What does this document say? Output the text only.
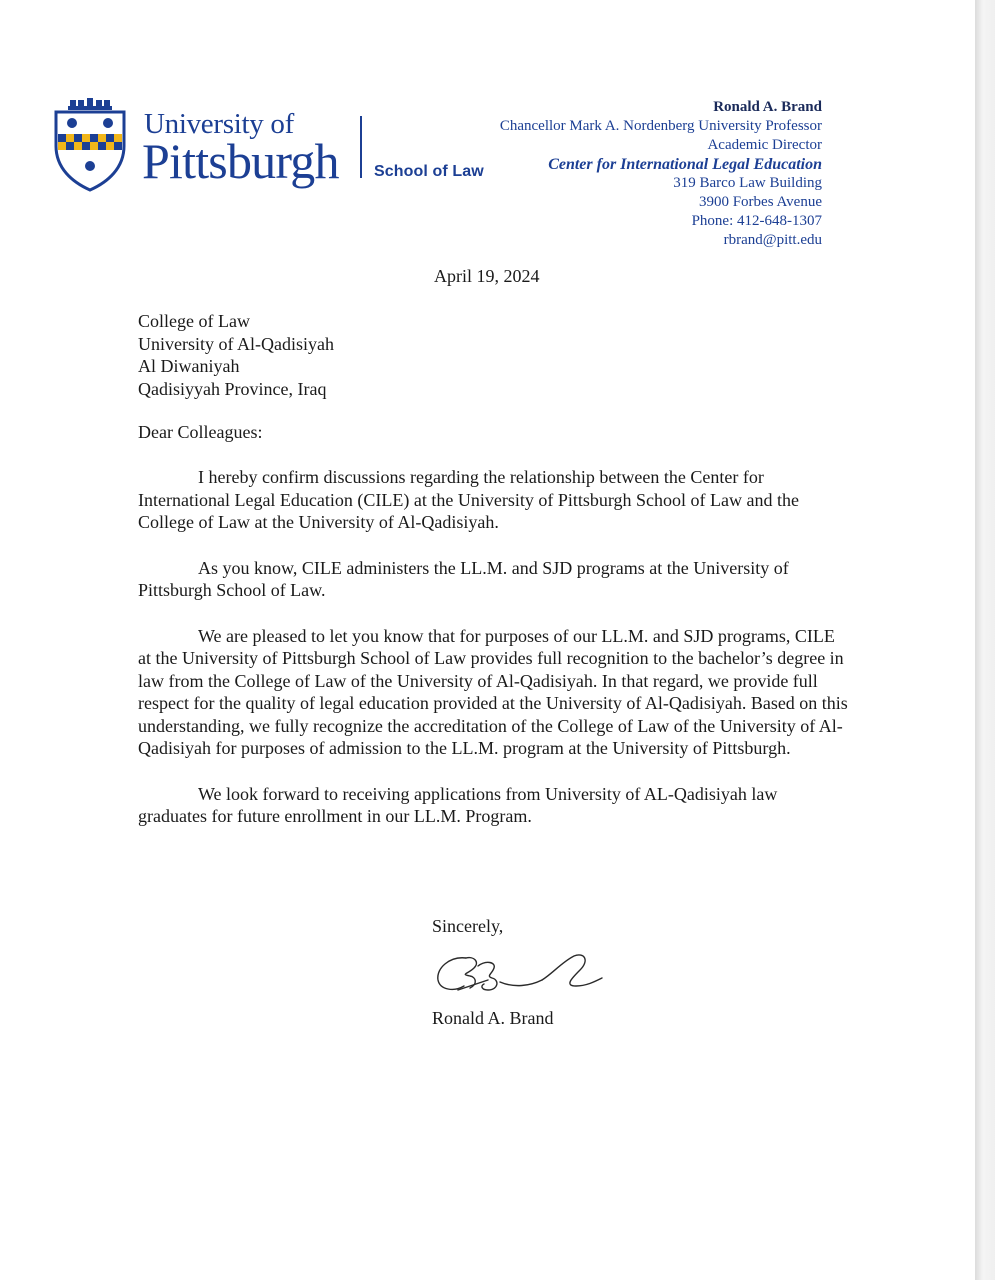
University of
Pittsburgh School of Law
Ronald A. Brand
Chancellor Mark A. Nordenberg University Professor
Academic Director
Center for International Legal Education
319 Barco Law Building
3900 Forbes Avenue
Phone: 412-648-1307
rbrand@pitt.edu
April 19, 2024
College of Law
University of Al-Qadisiyah
Al Diwaniyah
Qadisiyyah Province, Iraq
Dear Colleagues:

I hereby confirm discussions regarding the relationship between the Center for International Legal Education (CILE) at the University of Pittsburgh School of Law and the College of Law at the University of Al-Qadisiyah.

As you know, CILE administers the LL.M. and SJD programs at the University of Pittsburgh School of Law.

We are pleased to let you know that for purposes of our LL.M. and SJD programs, CILE at the University of Pittsburgh School of Law provides full recognition to the bachelor’s degree in law from the College of Law of the University of Al-Qadisiyah. In that regard, we provide full respect for the quality of legal education provided at the University of Al-Qadisiyah. Based on this understanding, we fully recognize the accreditation of the College of Law of the University of Al-Qadisiyah for purposes of admission to the LL.M. program at the University of Pittsburgh.

We look forward to receiving applications from University of AL-Qadisiyah law graduates for future enrollment in our LL.M. Program.

Sincerely,
Ronald A. Brand
